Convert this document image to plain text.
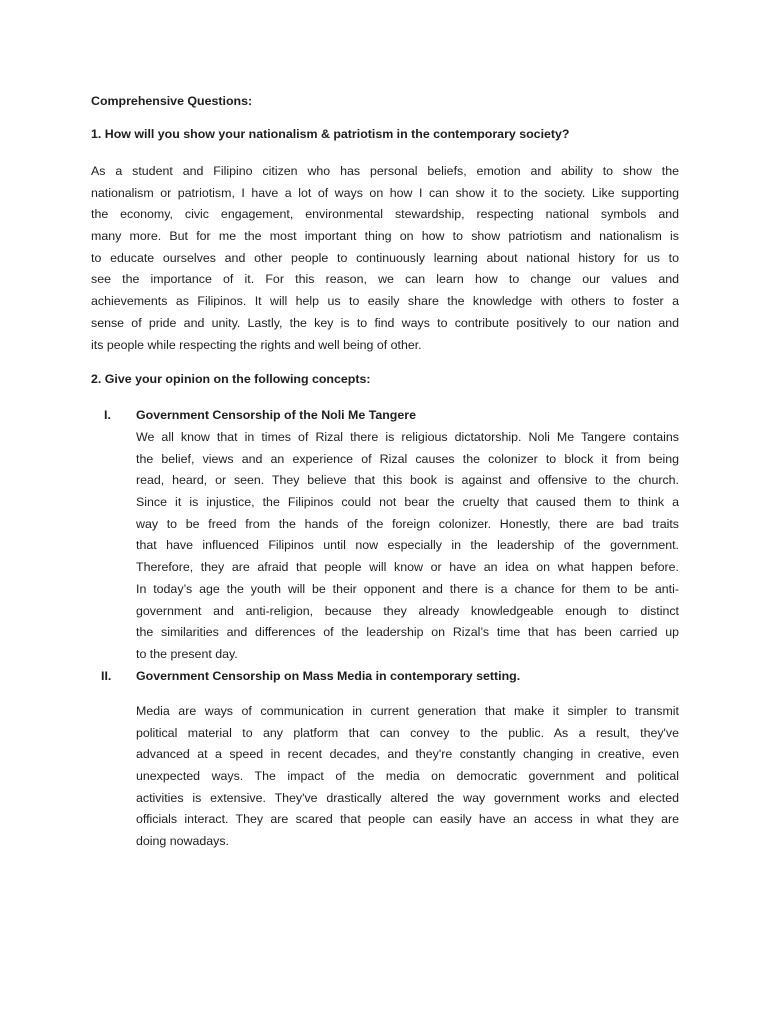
Comprehensive Questions:
1. How will you show your nationalism & patriotism in the contemporary society?
As a student and Filipino citizen who has personal beliefs, emotion and ability to show the
nationalism or patriotism, I have a lot of ways on how I can show it to the society. Like supporting
the economy, civic engagement, environmental stewardship, respecting national symbols and
many more. But for me the most important thing on how to show patriotism and nationalism is
to educate ourselves and other people to continuously learning about national history for us to
see the importance of it. For this reason, we can learn how to change our values and
achievements as Filipinos. It will help us to easily share the knowledge with others to foster a
sense of pride and unity. Lastly, the key is to find ways to contribute positively to our nation and
its people while respecting the rights and well being of other.
2. Give your opinion on the following concepts:
I. Government Censorship of the Noli Me Tangere
We all know that in times of Rizal there is religious dictatorship. Noli Me Tangere contains
the belief, views and an experience of Rizal causes the colonizer to block it from being
read, heard, or seen. They believe that this book is against and offensive to the church.
Since it is injustice, the Filipinos could not bear the cruelty that caused them to think a
way to be freed from the hands of the foreign colonizer. Honestly, there are bad traits
that have influenced Filipinos until now especially in the leadership of the government.
Therefore, they are afraid that people will know or have an idea on what happen before.
In today’s age the youth will be their opponent and there is a chance for them to be anti-
government and anti-religion, because they already knowledgeable enough to distinct
the similarities and differences of the leadership on Rizal’s time that has been carried up
to the present day.
II. Government Censorship on Mass Media in contemporary setting.
Media are ways of communication in current generation that make it simpler to transmit
political material to any platform that can convey to the public. As a result, they've
advanced at a speed in recent decades, and they're constantly changing in creative, even
unexpected ways. The impact of the media on democratic government and political
activities is extensive. They've drastically altered the way government works and elected
officials interact. They are scared that people can easily have an access in what they are
doing nowadays.
